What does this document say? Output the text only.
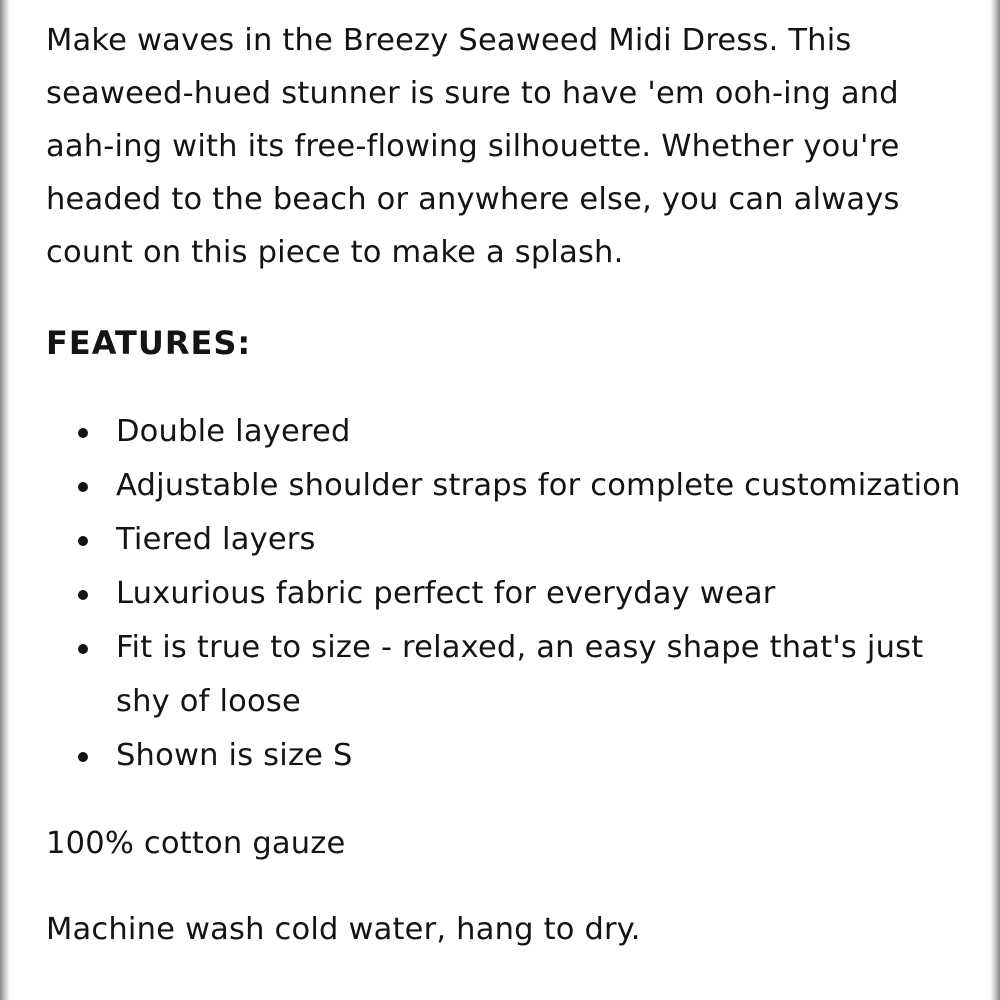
Make waves in the Breezy Seaweed Midi Dress. This seaweed-hued stunner is sure to have 'em ooh-ing and aah-ing with its free-flowing silhouette. Whether you're headed to the beach or anywhere else, you can always count on this piece to make a splash.

FEATURES:
Double layered
Adjustable shoulder straps for complete customization
Tiered layers
Luxurious fabric perfect for everyday wear
Fit is true to size - relaxed, an easy shape that's just shy of loose
Shown is size S

100% cotton gauze

Machine wash cold water, hang to dry.
